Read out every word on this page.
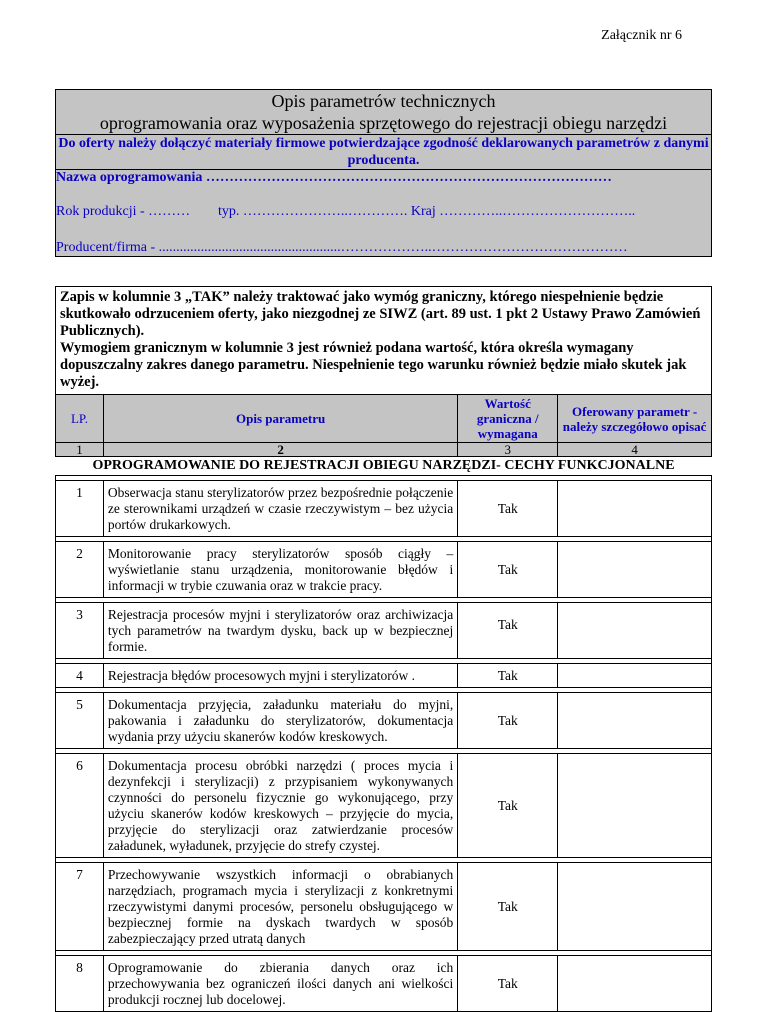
Załącznik nr 6
Opis parametrów technicznych
oprogramowania oraz wyposażenia sprzętowego do rejestracji obiegu narzędzi

Do oferty należy dołączyć materiały firmowe potwierdzające zgodność deklarowanych parametrów z danymi producenta.

Nazwa oprogramowania ……………………………………………………………………………
Rok produkcji - ………	typ. …………………..…………. Kraj …………..………………………..
Producent/firma - ....................................................………………..……………………………………

Zapis w kolumnie 3 „TAK” należy traktować jako wymóg graniczny, którego niespełnienie będzie skutkowało odrzuceniem oferty, jako niezgodnej ze SIWZ (art. 89 ust. 1 pkt 2 Ustawy Prawo Zamówień Publicznych).

Wymogiem granicznym w kolumnie 3 jest również podana wartość, która określa wymagany dopuszczalny zakres danego parametru. Niespełnienie tego warunku również będzie miało skutek jak wyżej.			

LP.	Opis parametru	Wartość graniczna / wymagana	Oferowany parametr - należy szczegółowo opisać
1	2	3	4
OPROGRAMOWANIE DO REJESTRACJI OBIEGU NARZĘDZI- CECHY FUNKCJONALNE			

1	Obserwacja stanu sterylizatorów przez bezpośrednie połączenie ze sterownikami urządzeń w czasie rzeczywistym – bez użycia portów drukarkowych.	Tak	

2	Monitorowanie pracy sterylizatorów sposób ciągły – wyświetlanie stanu urządzenia, monitorowanie błędów i informacji w trybie czuwania oraz w trakcie pracy.	Tak	

3	Rejestracja procesów myjni i sterylizatorów oraz archiwizacja tych parametrów na twardym dysku, back up w bezpiecznej formie.	Tak	

4	Rejestracja błędów procesowych myjni i sterylizatorów .	Tak	

5	Dokumentacja przyjęcia, załadunku materiału do myjni, pakowania i załadunku do sterylizatorów, dokumentacja wydania przy użyciu skanerów kodów kreskowych.	Tak	

6	Dokumentacja procesu obróbki narzędzi ( proces mycia i dezynfekcji i sterylizacji) z przypisaniem wykonywanych czynności do personelu fizycznie go wykonującego, przy użyciu skanerów kodów kreskowych – przyjęcie do mycia, przyjęcie do sterylizacji oraz zatwierdzanie procesów załadunek, wyładunek, przyjęcie do strefy czystej.	Tak	

7	Przechowywanie wszystkich informacji o obrabianych narzędziach, programach mycia i sterylizacji z konkretnymi rzeczywistymi danymi procesów, personelu obsługującego w bezpiecznej formie na dyskach twardych w sposób zabezpieczający przed utratą danych	Tak	

8	Oprogramowanie do zbierania danych oraz ich przechowywania bez ograniczeń ilości danych ani wielkości produkcji rocznej lub docelowej.	Tak	
